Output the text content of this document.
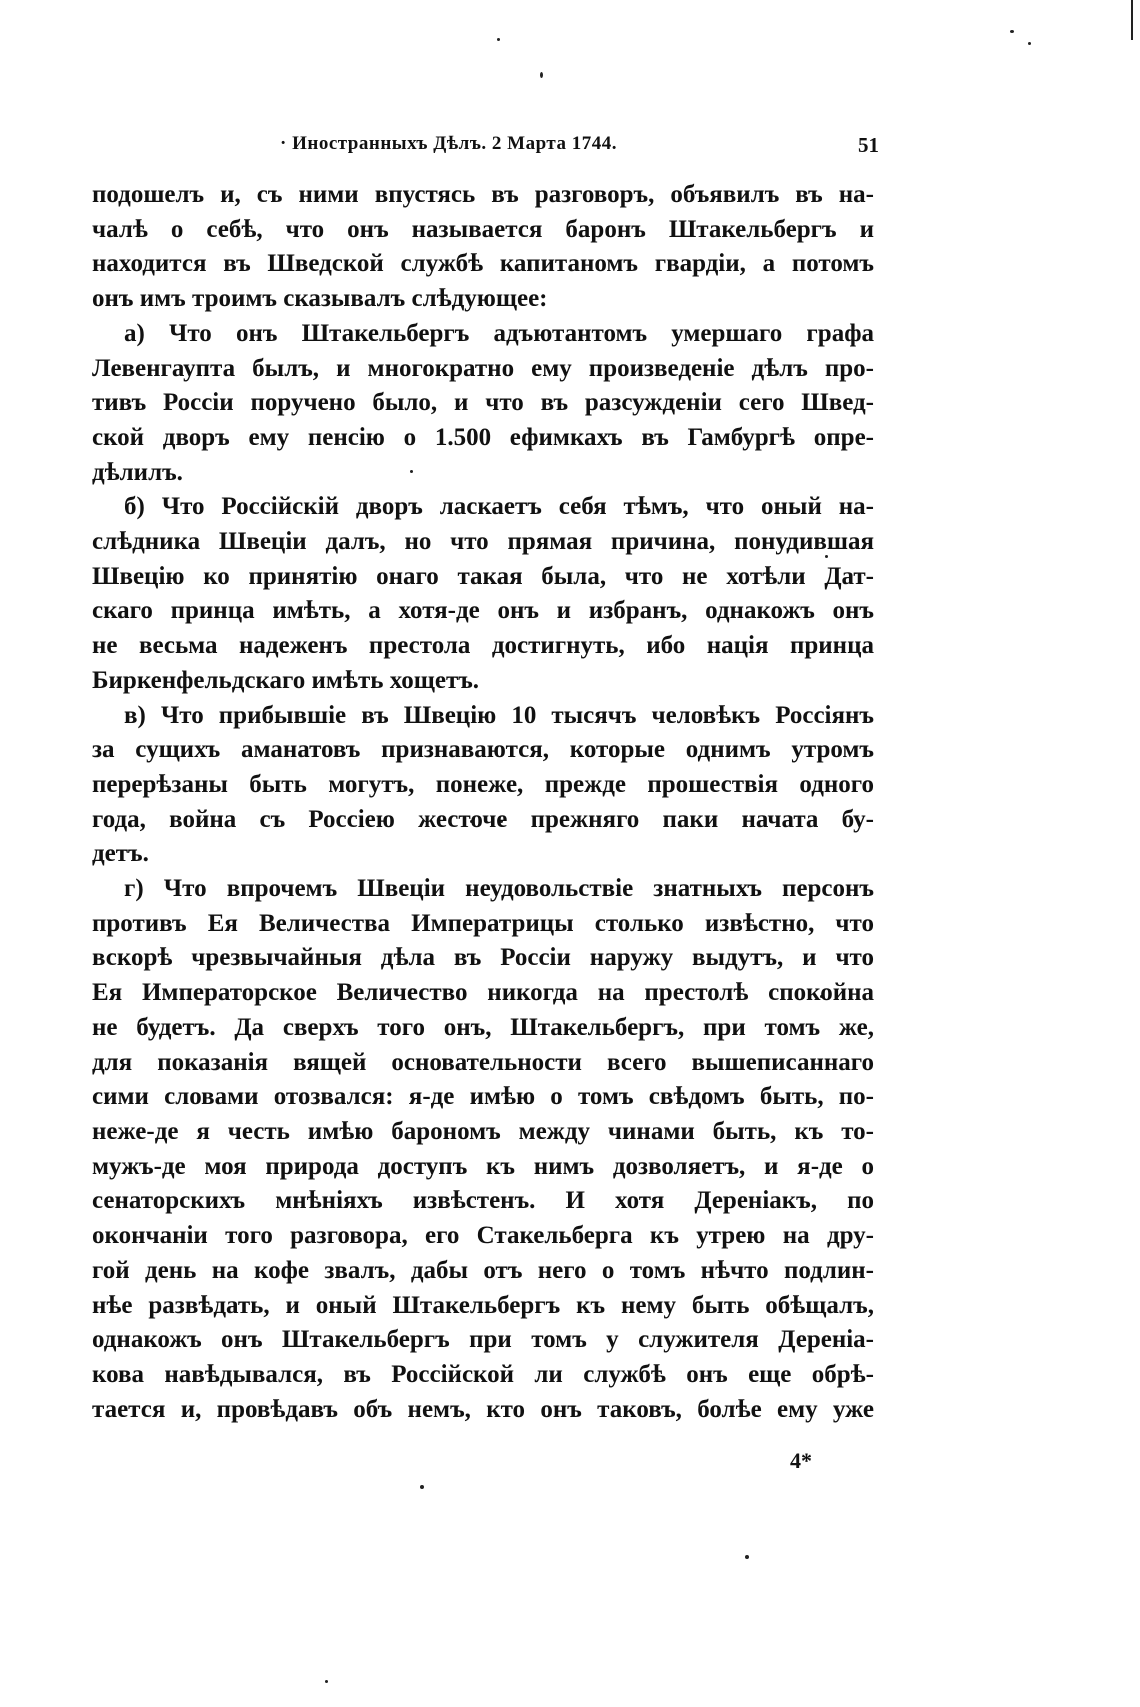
· Иностранныхъ Дѣлъ. 2 Марта 1744.	51
подошелъ и, съ ними впустясь въ разговоръ, объявилъ въ на-
чалѣ о себѣ, что онъ называется баронъ Штакельбергъ и
находится въ Шведской службѣ капитаномъ гвардіи, а потомъ
онъ имъ троимъ сказывалъ слѣдующее:
а) Что онъ Штакельбергъ адъютантомъ умершаго графа
Левенгаупта былъ, и многократно ему произведеніе дѣлъ про-
тивъ Россіи поручено было, и что въ разсужденіи сего Швед-
ской дворъ ему пенсію о 1.500 ефимкахъ въ Гамбургѣ опре-
дѣлилъ.
б) Что Россійскій дворъ ласкаетъ себя тѣмъ, что оный на-
слѣдника Швеціи далъ, но что прямая причина, понудившая
Швецію ко принятію онаго такая была, что не хотѣли Дат-
скаго принца имѣть, а хотя-де онъ и избранъ, однакожъ онъ
не весьма надеженъ престола достигнуть, ибо нація принца
Биркенфельдскаго имѣть хощетъ.
в) Что прибывшіе въ Швецію 10 тысячъ человѣкъ Россіянъ
за сущихъ аманатовъ признаваются, которые однимъ утромъ
перерѣзаны быть могутъ, понеже, прежде прошествія одного
года, война съ Россіею жесточе прежняго паки начата бу-
детъ.
г) Что впрочемъ Швеціи неудовольствіе знатныхъ персонъ
противъ Ея Величества Императрицы столько извѣстно, что
вскорѣ чрезвычайныя дѣла въ Россіи наружу выдутъ, и что
Ея Императорское Величество никогда на престолѣ спокойна
не будетъ. Да сверхъ того онъ, Штакельбергъ, при томъ же,
для показанія вящей основательности всего вышеписаннаго
сими словами отозвался: я-де имѣю о томъ свѣдомъ быть, по-
неже-де я честь имѣю барономъ между чинами быть, къ то-
мужъ-де моя природа доступъ къ нимъ дозволяетъ, и я-де о
сенаторскихъ мнѣніяхъ извѣстенъ. И хотя Дереніакъ, по
окончаніи того разговора, его Стакельберга къ утрею на дру-
гой день на кофе звалъ, дабы отъ него о томъ нѣчто подлин-
нѣе развѣдать, и оный Штакельбергъ къ нему быть обѣщалъ,
однакожъ онъ Штакельбергъ при томъ у служителя Дереніа-
кова навѣдывался, въ Россійской ли службѣ онъ еще обрѣ-
тается и, провѣдавъ объ немъ, кто онъ таковъ, болѣе ему уже
4*
